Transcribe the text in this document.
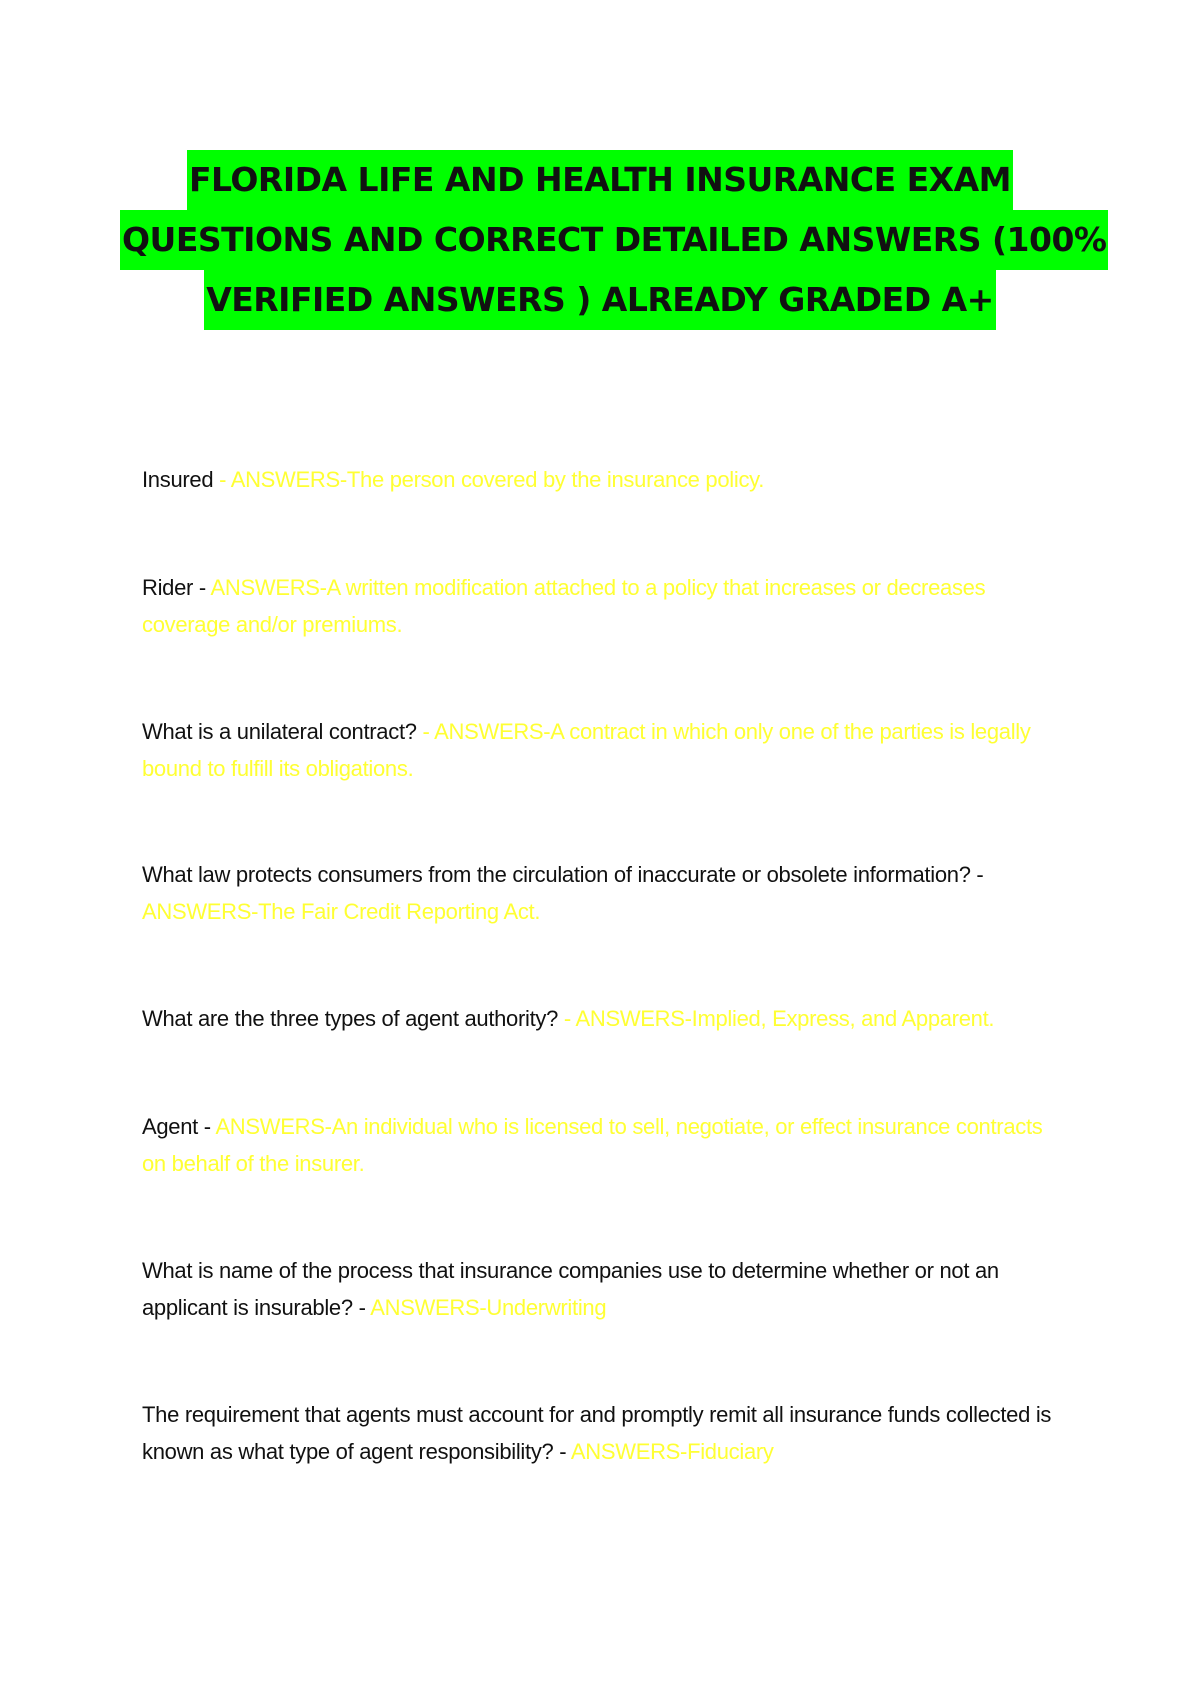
FLORIDA LIFE AND HEALTH INSURANCE EXAM
QUESTIONS AND CORRECT DETAILED ANSWERS (100%
VERIFIED ANSWERS ) ALREADY GRADED A+
Insured - ANSWERS-The person covered by the insurance policy.
Rider - ANSWERS-A written modification attached to a policy that increases or decreases coverage and/or premiums.
What is a unilateral contract? - ANSWERS-A contract in which only one of the parties is legally bound to fulfill its obligations.
What law protects consumers from the circulation of inaccurate or obsolete information? - ANSWERS-The Fair Credit Reporting Act.
What are the three types of agent authority? - ANSWERS-Implied, Express, and Apparent.
Agent - ANSWERS-An individual who is licensed to sell, negotiate, or effect insurance contracts on behalf of the insurer.
What is name of the process that insurance companies use to determine whether or not an applicant is insurable? - ANSWERS-Underwriting
The requirement that agents must account for and promptly remit all insurance funds collected is known as what type of agent responsibility? - ANSWERS-Fiduciary
